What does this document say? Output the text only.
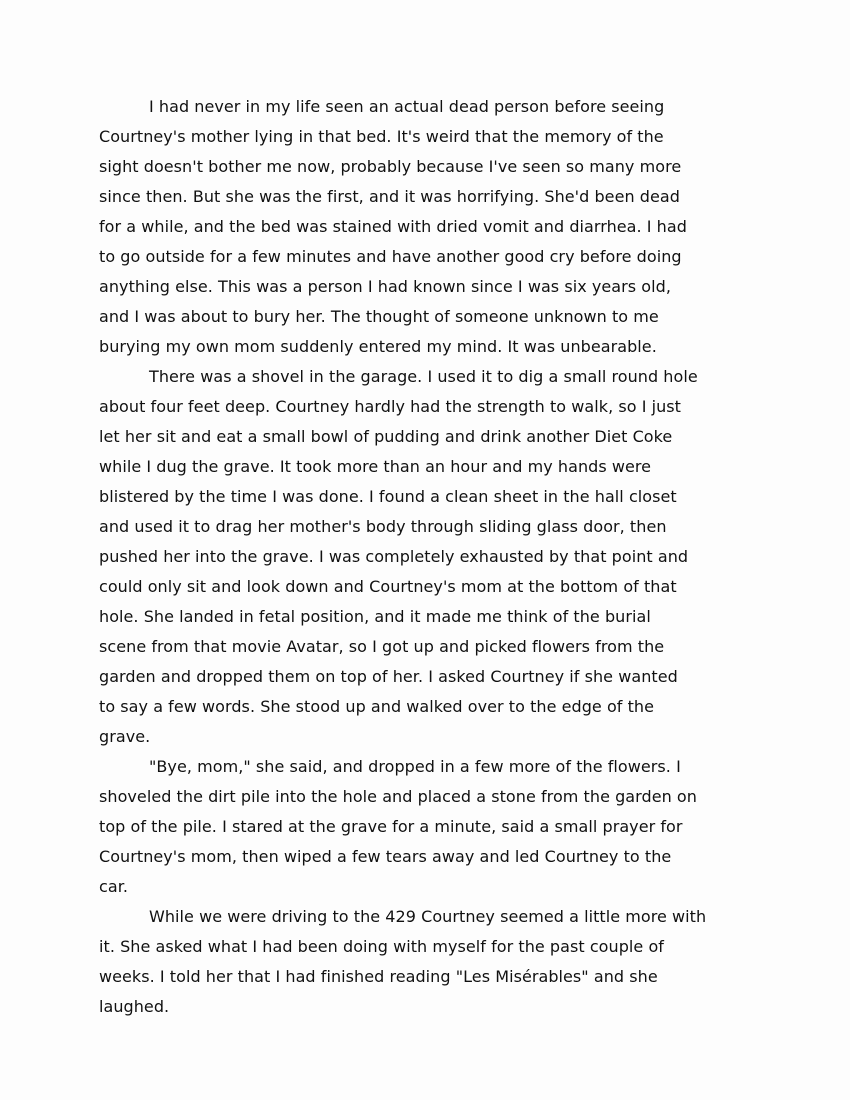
I had never in my life seen an actual dead person before seeing
Courtney's mother lying in that bed. It's weird that the memory of the
sight doesn't bother me now, probably because I've seen so many more
since then. But she was the first, and it was horrifying. She'd been dead
for a while, and the bed was stained with dried vomit and diarrhea. I had
to go outside for a few minutes and have another good cry before doing
anything else. This was a person I had known since I was six years old,
and I was about to bury her. The thought of someone unknown to me
burying my own mom suddenly entered my mind. It was unbearable.
There was a shovel in the garage. I used it to dig a small round hole
about four feet deep. Courtney hardly had the strength to walk, so I just
let her sit and eat a small bowl of pudding and drink another Diet Coke
while I dug the grave. It took more than an hour and my hands were
blistered by the time I was done. I found a clean sheet in the hall closet
and used it to drag her mother's body through sliding glass door, then
pushed her into the grave. I was completely exhausted by that point and
could only sit and look down and Courtney's mom at the bottom of that
hole. She landed in fetal position, and it made me think of the burial
scene from that movie Avatar, so I got up and picked flowers from the
garden and dropped them on top of her. I asked Courtney if she wanted
to say a few words. She stood up and walked over to the edge of the
grave.
"Bye, mom," she said, and dropped in a few more of the flowers. I
shoveled the dirt pile into the hole and placed a stone from the garden on
top of the pile. I stared at the grave for a minute, said a small prayer for
Courtney's mom, then wiped a few tears away and led Courtney to the
car.
While we were driving to the 429 Courtney seemed a little more with
it. She asked what I had been doing with myself for the past couple of
weeks. I told her that I had finished reading "Les Misérables" and she
laughed.
